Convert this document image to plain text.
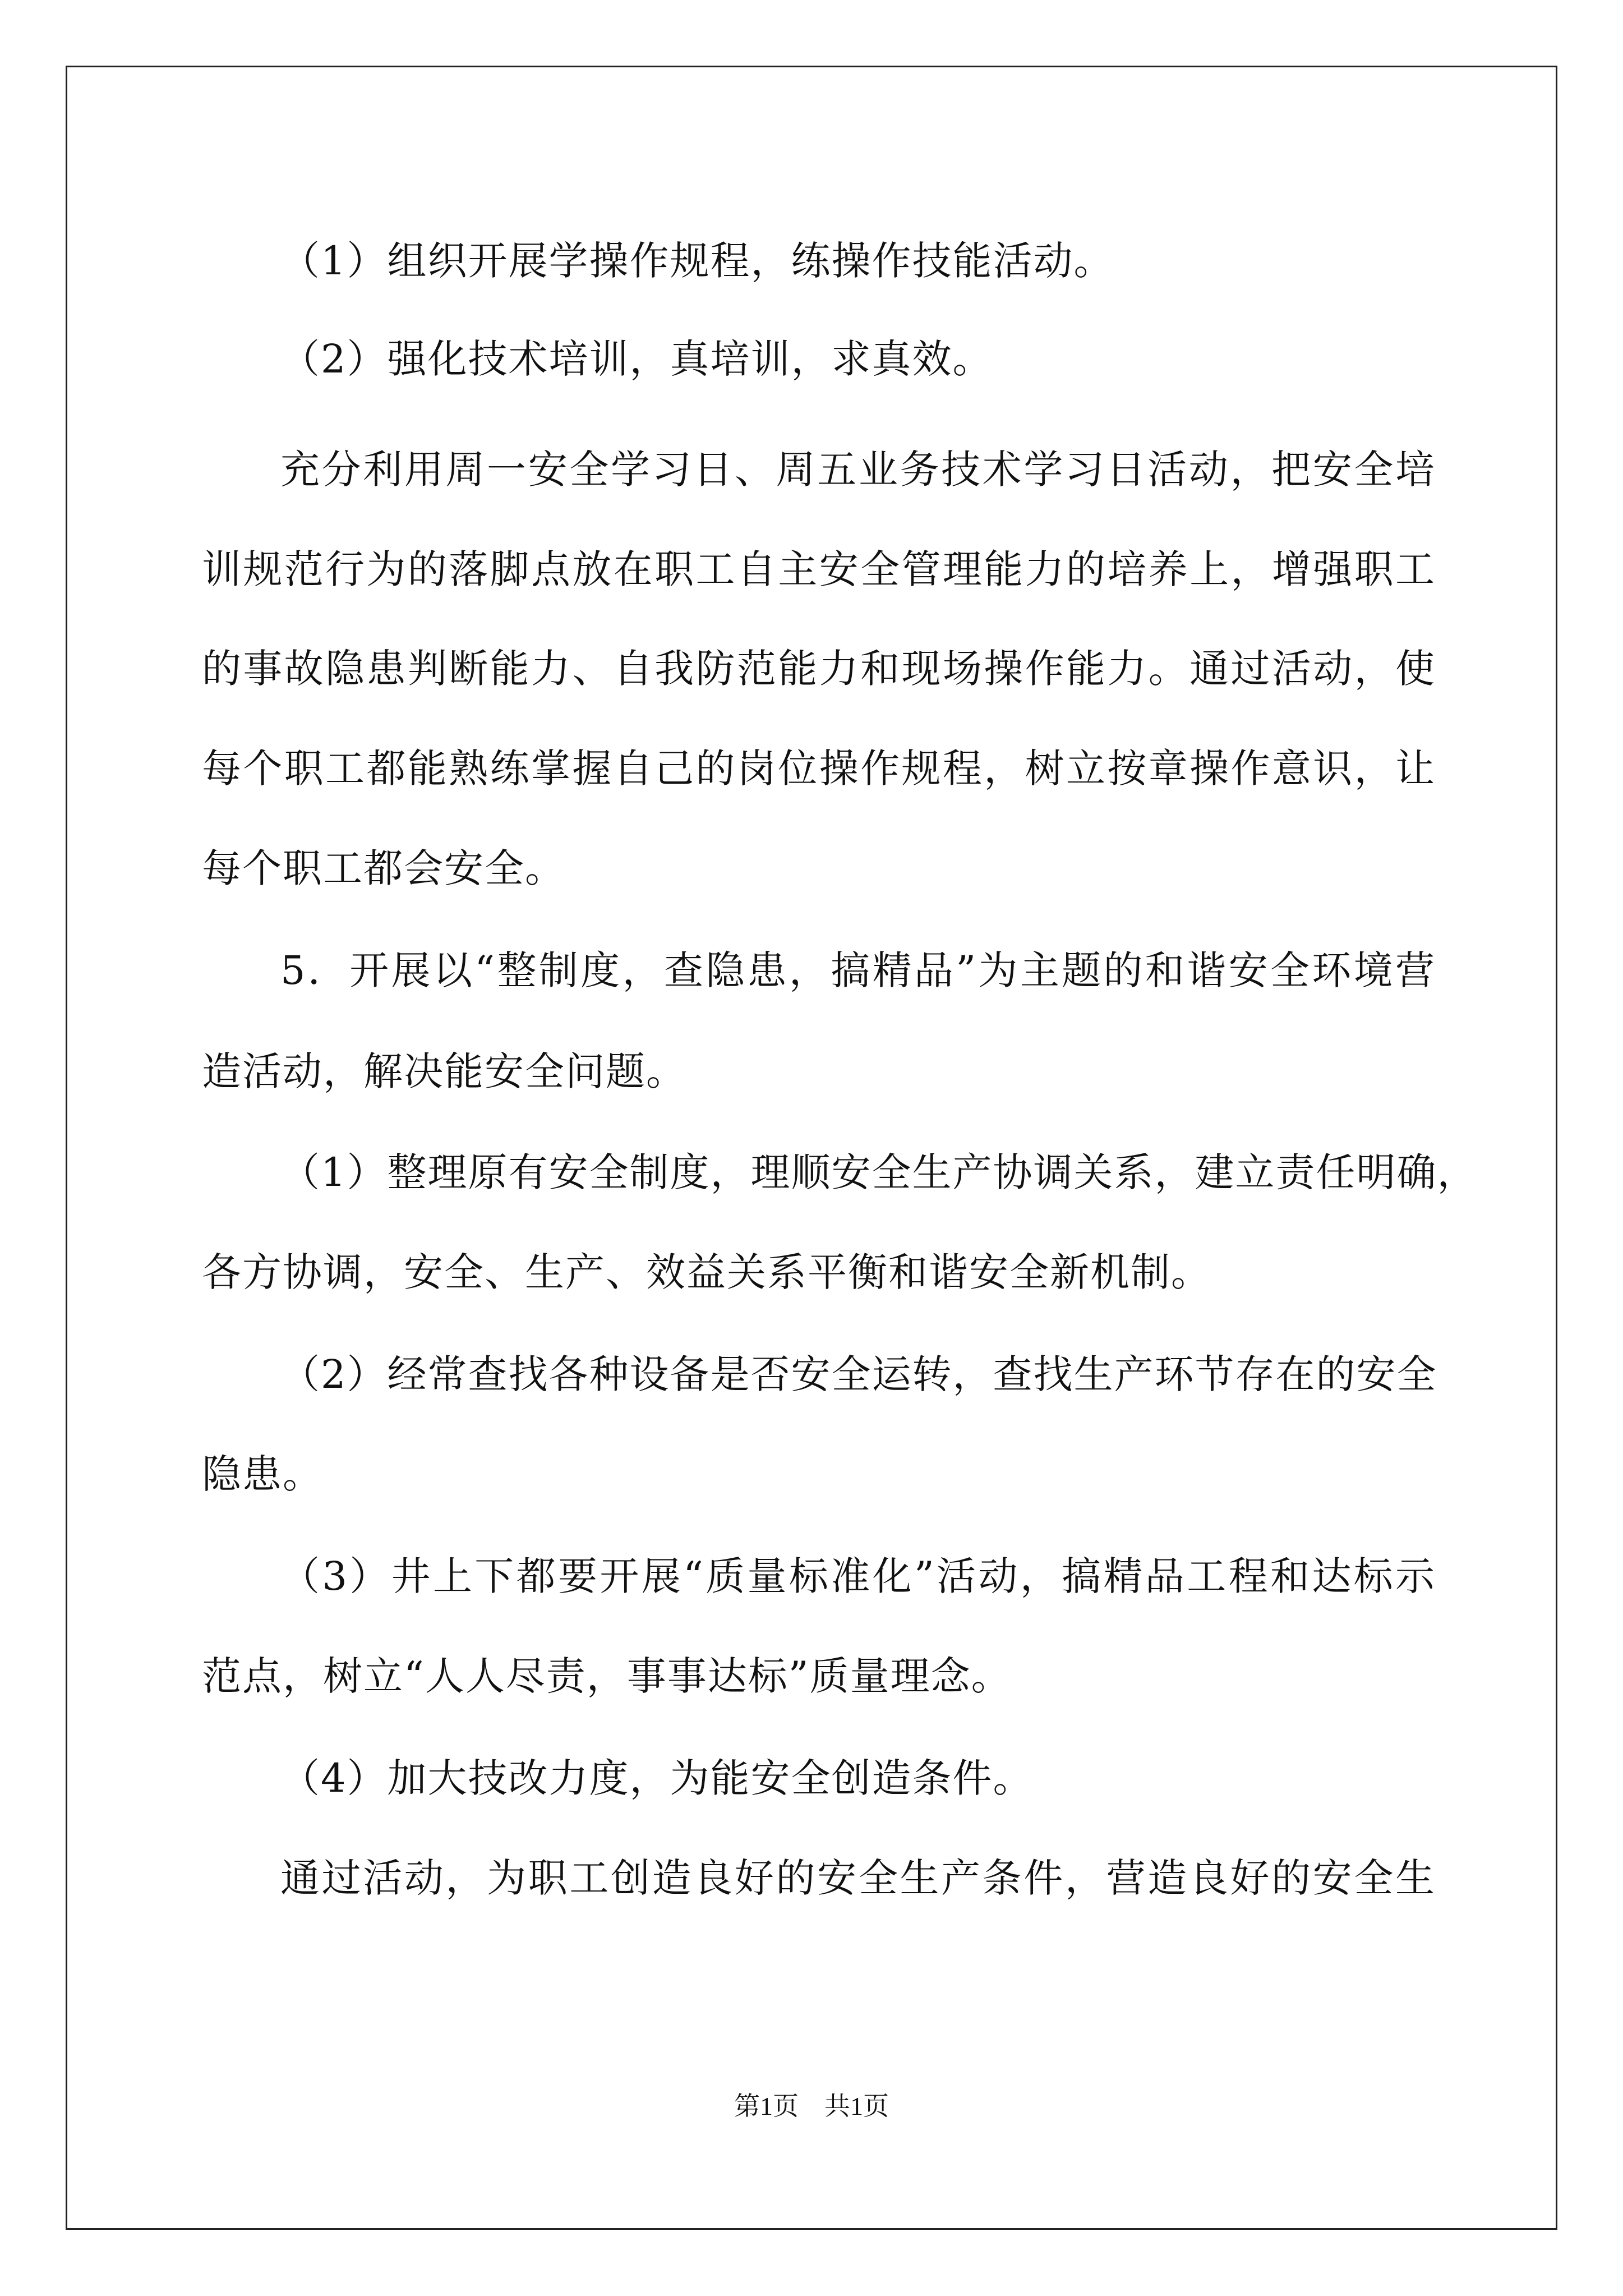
（1）组织开展学操作规程，练操作技能活动。
（2）强化技术培训，真培训，求真效。
充分利用周一安全学习日、周五业务技术学习日活动，把安全培
训规范行为的落脚点放在职工自主安全管理能力的培养上，增强职工
的事故隐患判断能力、自我防范能力和现场操作能力。通过活动，使
每个职工都能熟练掌握自己的岗位操作规程，树立按章操作意识，让
每个职工都会安全。
5．开展以“整制度，查隐患，搞精品”为主题的和谐安全环境营
造活动，解决能安全问题。
（1）整理原有安全制度，理顺安全生产协调关系，建立责任明确，
各方协调，安全、生产、效益关系平衡和谐安全新机制。
（2）经常查找各种设备是否安全运转，查找生产环节存在的安全
隐患。
（3）井上下都要开展“质量标准化”活动，搞精品工程和达标示
范点，树立“人人尽责，事事达标”质量理念。
（4）加大技改力度，为能安全创造条件。
通过活动，为职工创造良好的安全生产条件，营造良好的安全生
第1页　共1页
